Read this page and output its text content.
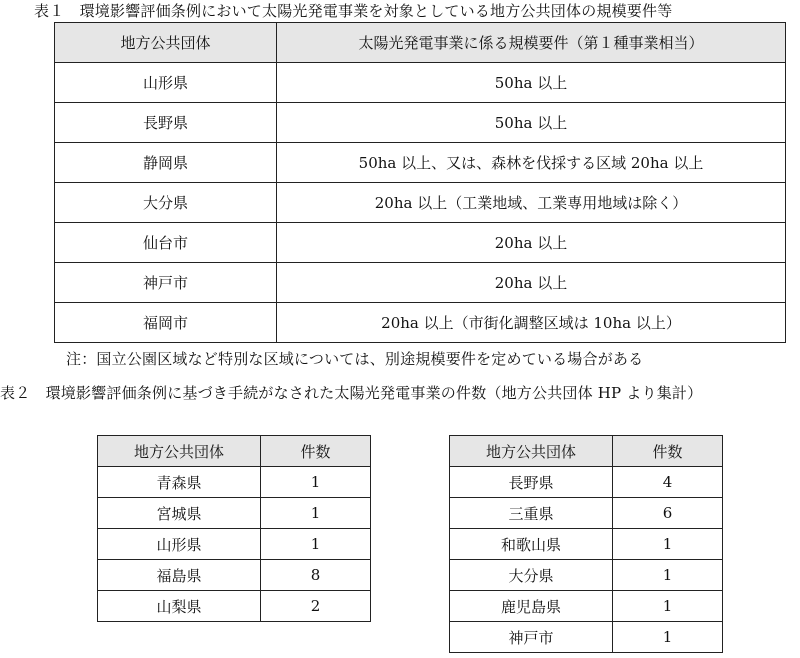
表１　環境影響評価条例において太陽光発電事業を対象としている地方公共団体の規模要件等
地方公共団体	太陽光発電事業に係る規模要件（第１種事業相当）
山形県	50ha 以上
長野県	50ha 以上
静岡県	50ha 以上、又は、森林を伐採する区域 20ha 以上
大分県	20ha 以上（工業地域、工業専用地域は除く）
仙台市	20ha 以上
神戸市	20ha 以上
福岡市	20ha 以上（市街化調整区域は 10ha 以上）
注：国立公園区域など特別な区域については、別途規模要件を定めている場合がある
表２　環境影響評価条例に基づき手続がなされた太陽光発電事業の件数（地方公共団体 HP より集計）
地方公共団体	件数
青森県	1
宮城県	1
山形県	1
福島県	8
山梨県	2
地方公共団体	件数
長野県	4
三重県	6
和歌山県	1
大分県	1
鹿児島県	1
神戸市	1
